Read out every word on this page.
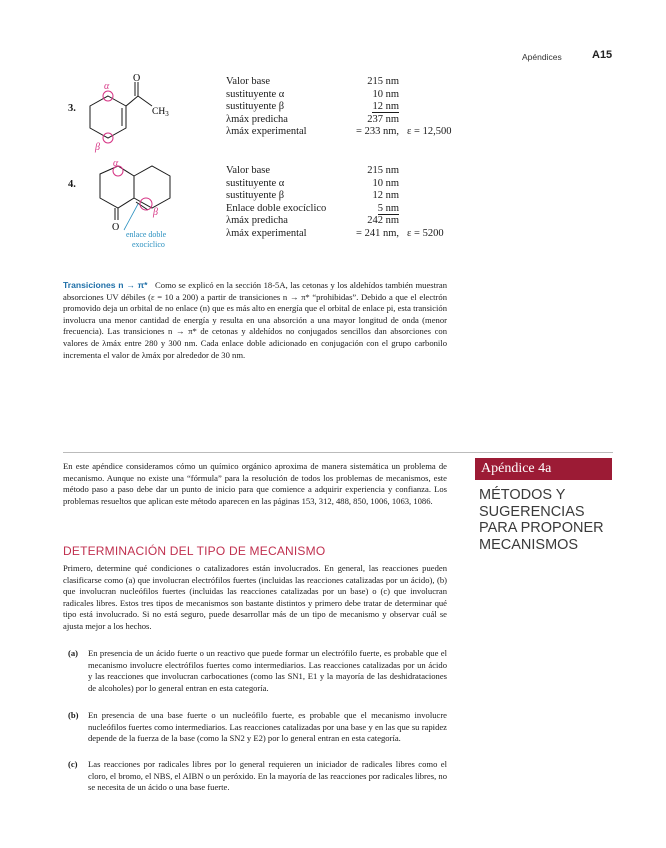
Apéndices	A15
3.
O
$CH_3$
α
β
Valor base	215 nm	
sustituyente α	10 nm	
sustituyente β	12 nm	
λmáx predicha	237 nm	
λmáx experimental	= 233 nm,	ε = 12,500
4.
α
β
O
enlace doble
exocíclico
Valor base	215 nm	
sustituyente α	10 nm	
sustituyente β	12 nm	
Enlace doble exocíclico	5 nm	
λmáx predicha	242 nm	
λmáx experimental	= 241 nm,	ε = 5200
Transiciones n → π* Como se explicó en la sección 18-5A, las cetonas y los aldehídos también muestran absorciones UV débiles (ε = 10 a 200) a partir de transiciones n → π* “prohibidas”. Debido a que el electrón promovido deja un orbital de no enlace (n) que es más alto en energía que el orbital de enlace pi, esta transición involucra una menor cantidad de energía y resulta en una absorción a una mayor longitud de onda (menor frecuencia). Las transiciones n → π* de cetonas y aldehídos no conjugados sencillos dan absorciones con valores de λmáx entre 280 y 300 nm. Cada enlace doble adicionado en conjugación con el grupo carbonilo incrementa el valor de λmáx por alrededor de 30 nm.
Apéndice 4a
MÉTODOS Y
SUGERENCIAS
PARA PROPONER
MECANISMOS
En este apéndice consideramos cómo un químico orgánico aproxima de manera sistemática un problema de mecanismo. Aunque no existe una “fórmula” para la resolución de todos los problemas de mecanismos, este método paso a paso debe dar un punto de inicio para que comience a adquirir experiencia y confianza. Los problemas resueltos que aplican este método aparecen en las páginas 153, 312, 488, 850, 1006, 1063, 1086.
DETERMINACIÓN DEL TIPO DE MECANISMO
Primero, determine qué condiciones o catalizadores están involucrados. En general, las reacciones pueden clasificarse como (a) que involucran electrófilos fuertes (incluidas las reacciones catalizadas por un ácido), (b) que involucran nucleófilos fuertes (incluidas las reacciones catalizadas por un base) o (c) que involucran radicales libres. Estos tres tipos de mecanismos son bastante distintos y primero debe tratar de determinar qué tipo está involucrado. Si no está seguro, puede desarrollar más de un tipo de mecanismo y observar cuál se ajusta mejor a los hechos.
(a) En presencia de un ácido fuerte o un reactivo que puede formar un electrófilo fuerte, es probable que el mecanismo involucre electrófilos fuertes como intermediarios. Las reacciones catalizadas por un ácido y las reacciones que involucran carbocationes (como las SN1, E1 y la mayoría de las deshidrataciones de alcoholes) por lo general entran en esta categoría.
(b) En presencia de una base fuerte o un nucleófilo fuerte, es probable que el mecanismo involucre nucleófilos fuertes como intermediarios. Las reacciones catalizadas por una base y en las que su rapidez depende de la fuerza de la base (como la SN2 y E2) por lo general entran en esta categoría.
(c) Las reacciones por radicales libres por lo general requieren un iniciador de radicales libres como el cloro, el bromo, el NBS, el AIBN o un peróxido. En la mayoría de las reacciones por radicales libres, no se necesita de un ácido o una base fuerte.
